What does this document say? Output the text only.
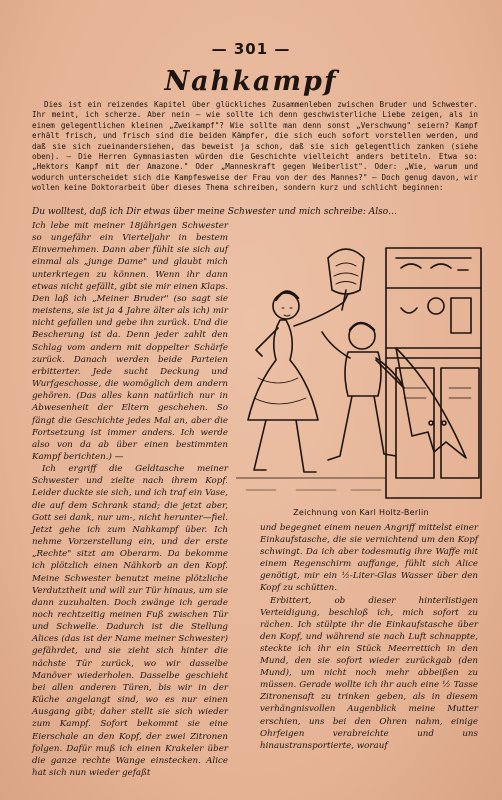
— 301 —
Nahkampf

Dies ist ein reizendes Kapitel über glückliches Zusammenleben zwischen Bruder und Schwester. Ihr meint, ich scherze. Aber nein — wie sollte ich denn geschwisterliche Liebe zeigen, als in einem gelegentlichen kleinen „Zweikampf"? Wie sollte man denn sonst „Verschwung" seiern? Kampf erhält frisch, und frisch sind die beiden Kämpfer, die sich euch sofort vorstellen werden, und daß sie sich zueinandersiehen, das beweist ja schon, daß sie sich gelegentlich zanken (siehe oben). — Die Herren Gymnasiasten würden die Geschichte vielleicht anders betiteln. Etwa so: „Hektors Kampf mit der Amazone." Oder „Manneskraft gegen Weiberlist". Oder: „Wie, warum und wodurch unterscheidet sich die Kampfesweise der Frau von der des Mannes?" — Doch genug davon, wir wollen keine Doktorarbeit über dieses Thema schreiben, sondern kurz und schlicht beginnen:

Du wolltest, daß ich Dir etwas über meine Schwester und mich schreibe: Also…

Ich lebe mit meiner 18jährigen Schwester so ungefähr ein Vierteljahr in bestem Einvernehmen. Dann aber fühlt sie sich auf einmal als „junge Dame" und glaubt mich unterkriegen zu können. Wenn ihr dann etwas nicht gefällt, gibt sie mir einen Klaps. Den laß ich „Meiner Bruder" (so sagt sie meistens, sie ist ja 4 Jahre älter als ich) mir nicht gefallen und gebe ihn zurück. Und die Bescherung ist da. Denn jeder zahlt den Schlag vom andern mit doppelter Schärfe zurück. Danach werden beide Parteien erbitterter. Jede sucht Deckung und Wurfgeschosse, die womöglich dem andern gehören. (Das alles kann natürlich nur in Abwesenheit der Eltern geschehen. So fängt die Geschichte jedes Mal an, aber die Fortsetzung ist immer anders. Ich werde also von da ab über einen bestimmten Kampf berichten.) —

Ich ergriff die Geldtasche meiner Schwester und zielte nach ihrem Kopf. Leider duckte sie sich, und ich traf ein Vase, die auf dem Schrank stand; die jetzt aber, Gott sei dank, nur um-, nicht herunter—fiel. Jetzt gehe ich zum Nahkampf über. Ich nehme Vorzerstellung ein, und der erste „Rechte" sitzt am Oberarm. Da bekomme ich plötzlich einen Nähkorb an den Kopf. Meine Schwester benutzt meine plötzliche Verdutztheit und will zur Tür hinaus, um sie dann zuzuhalten. Doch zwänge ich gerade noch rechtzeitig meinen Fuß zwischen Tür und Schwelle. Dadurch ist die Stellung Alices (das ist der Name meiner Schwester) gefährdet, und sie zieht sich hinter die nächste Tür zurück, wo wir dasselbe Manöver wiederholen. Dasselbe geschieht bei allen anderen Türen, bis wir in der Küche angelangt sind, wo es nur einen Ausgang gibt; daher stellt sie sich wieder zum Kampf. Sofort bekommt sie eine Eierschale an den Kopf, der zwei Zitronen folgen. Dafür muß ich einen Krakeler über die ganze rechte Wange einstecken. Alice hat sich nun wieder gefaßt

Zeichnung von Karl Holtz-Berlin

und begegnet einem neuen Angriff mittelst einer Einkaufstasche, die sie vernichtend um den Kopf schwingt. Da ich aber todesmutig ihre Waffe mit einem Regenschirm auffange, fühlt sich Alice genötigt, mir ein ½-Liter-Glas Wasser über den Kopf zu schütten.

Erbittert, ob dieser hinterlistigen Verteidigung, beschloß ich, mich sofort zu rächen. Ich stülpte ihr die Einkaufstasche über den Kopf, und während sie nach Luft schnappte, steckte ich ihr ein Stück Meerrettich in den Mund, den sie sofort wieder zurückgab (den Mund), um nicht noch mehr abbeißen zu müssen. Gerade wollte ich ihr auch eine ½ Tasse Zitronensaft zu trinken geben, als in diesem verhängnisvollen Augenblick meine Mutter erschien, uns bei den Ohren nahm, einige Ohrfeigen verabreichte und uns hinaustransportierte, worauf
